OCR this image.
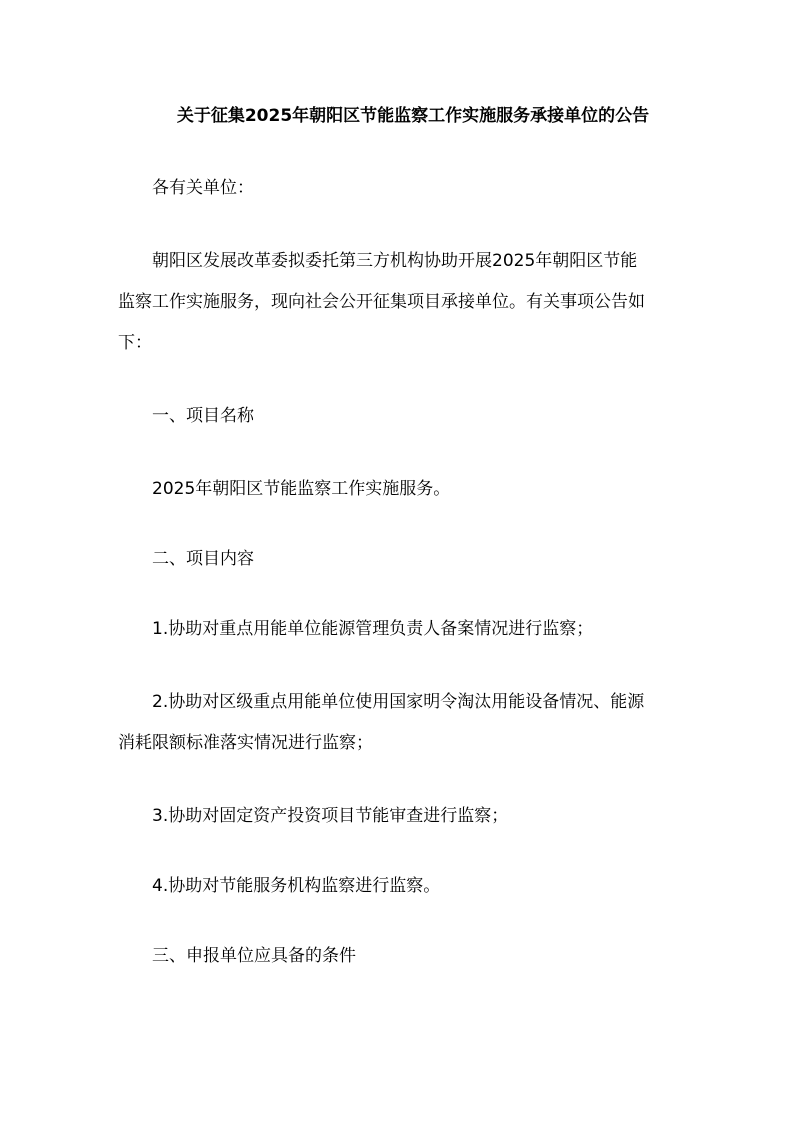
关于征集2025年朝阳区节能监察工作实施服务承接单位的公告
各有关单位：
朝阳区发展改革委拟委托第三方机构协助开展2025年朝阳区节能
监察工作实施服务，现向社会公开征集项目承接单位。有关事项公告如
下：
一、项目名称
2025年朝阳区节能监察工作实施服务。
二、项目内容
1.协助对重点用能单位能源管理负责人备案情况进行监察；
2.协助对区级重点用能单位使用国家明令淘汰用能设备情况、能源
消耗限额标准落实情况进行监察；
3.协助对固定资产投资项目节能审查进行监察；
4.协助对节能服务机构监察进行监察。
三、申报单位应具备的条件
